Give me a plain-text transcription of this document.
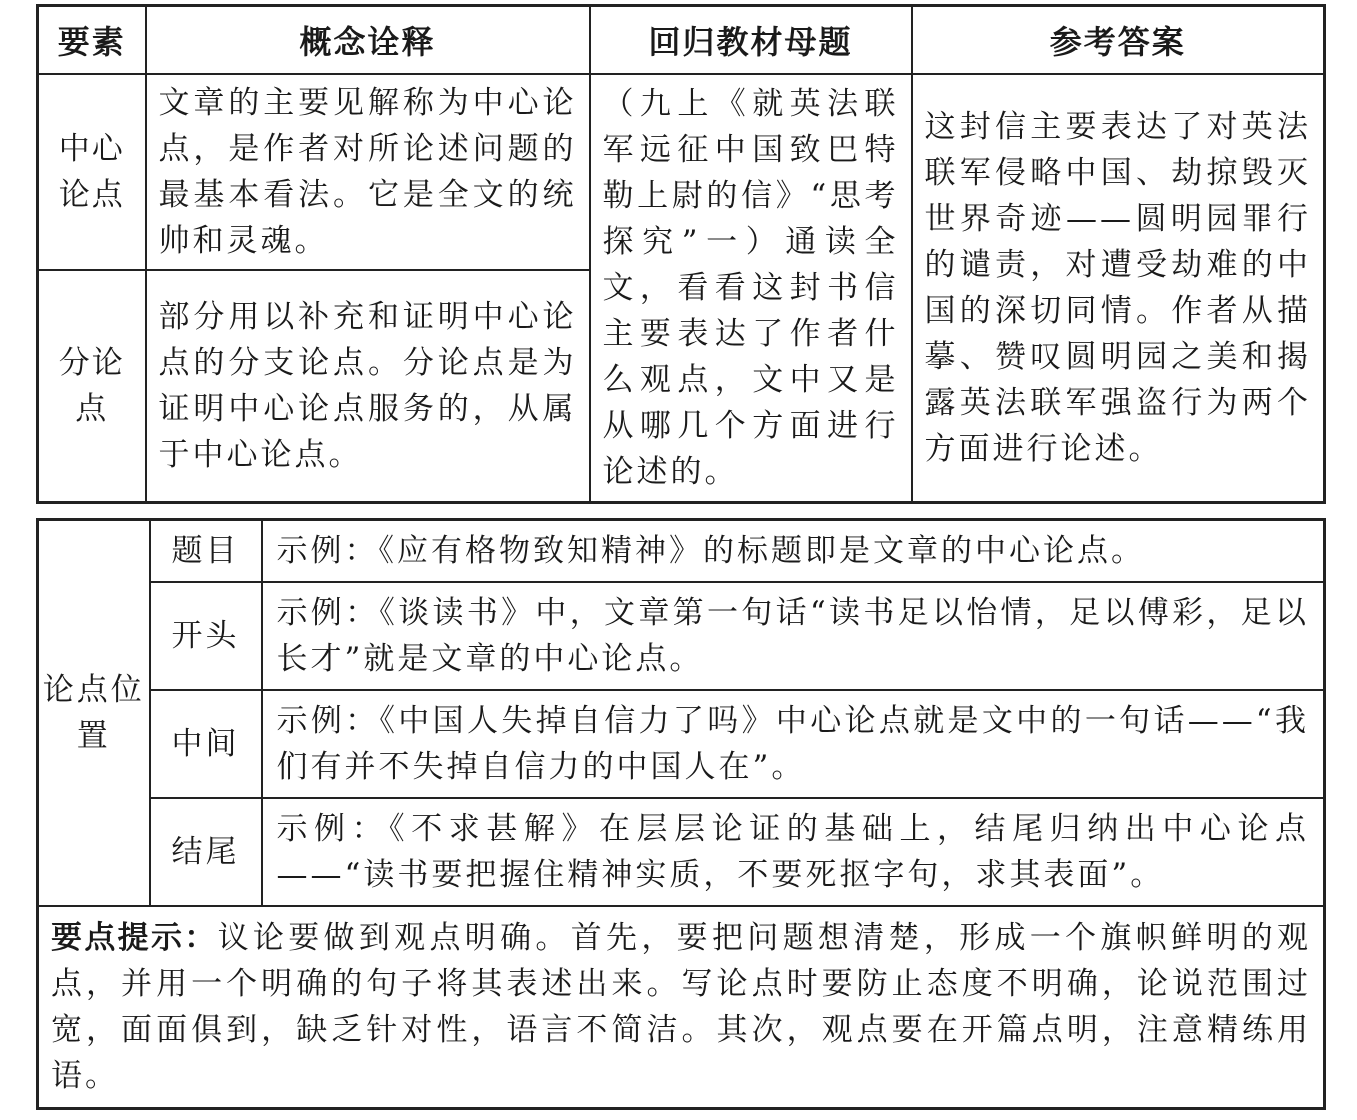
要素	概念诠释	回归教材母题	参考答案
中心论点	文章的主要见解称为中心论点，是作者对所论述问题的最基本看法。它是全文的统帅和灵魂。	（九上《就英法联军远征中国致巴特勒上尉的信》“思考探究”一）通读全文，看看这封书信主要表达了作者什么观点，文中又是从哪几个方面进行论述的。	这封信主要表达了对英法联军侵略中国、劫掠毁灭世界奇迹——圆明园罪行的谴责，对遭受劫难的中国的深切同情。作者从描摹、赞叹圆明园之美和揭露英法联军强盗行为两个方面进行论述。
分论点	部分用以补充和证明中心论点的分支论点。分论点是为证明中心论点服务的，从属于中心论点。		
论点位置	题目	示例：《应有格物致知精神》的标题即是文章的中心论点。
	开头	示例：《谈读书》中，文章第一句话“读书足以怡情，足以傅彩，足以长才”就是文章的中心论点。
	中间	示例：《中国人失掉自信力了吗》中心论点就是文中的一句话——“我们有并不失掉自信力的中国人在”。
	结尾	示例：《不求甚解》在层层论证的基础上，结尾归纳出中心论点——“读书要把握住精神实质，不要死抠字句，求其表面”。
要点提示：议论要做到观点明确。首先，要把问题想清楚，形成一个旗帜鲜明的观点，并用一个明确的句子将其表述出来。写论点时要防止态度不明确，论说范围过宽，面面俱到，缺乏针对性，语言不简洁。其次，观点要在开篇点明，注意精练用语。		
